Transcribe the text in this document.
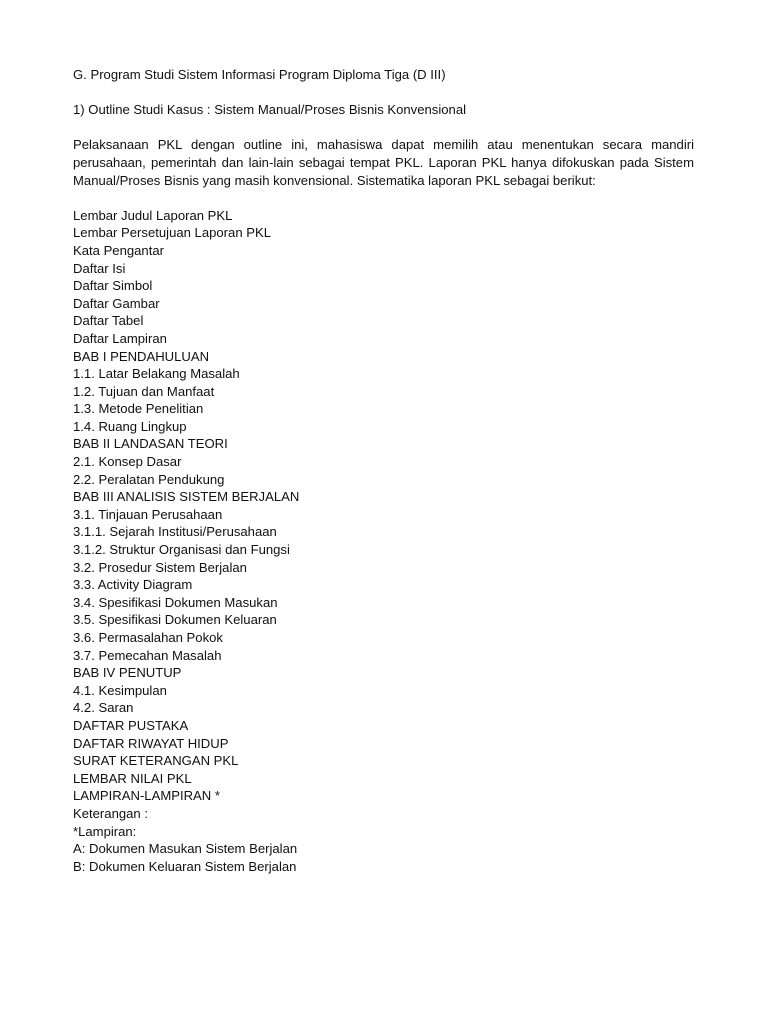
G. Program Studi Sistem Informasi Program Diploma Tiga (D III)
1) Outline Studi Kasus : Sistem Manual/Proses Bisnis Konvensional

Pelaksanaan PKL dengan outline ini, mahasiswa dapat memilih atau menentukan secara mandiri perusahaan, pemerintah dan lain-lain sebagai tempat PKL. Laporan PKL hanya difokuskan pada Sistem Manual/Proses Bisnis yang masih konvensional. Sistematika laporan PKL sebagai berikut:

Lembar Judul Laporan PKL
Lembar Persetujuan Laporan PKL
Kata Pengantar
Daftar Isi
Daftar Simbol
Daftar Gambar
Daftar Tabel
Daftar Lampiran
BAB I PENDAHULUAN
1.1. Latar Belakang Masalah
1.2. Tujuan dan Manfaat
1.3. Metode Penelitian
1.4. Ruang Lingkup
BAB II LANDASAN TEORI
2.1. Konsep Dasar
2.2. Peralatan Pendukung
BAB III ANALISIS SISTEM BERJALAN
3.1. Tinjauan Perusahaan
3.1.1. Sejarah Institusi/Perusahaan
3.1.2. Struktur Organisasi dan Fungsi
3.2. Prosedur Sistem Berjalan
3.3. Activity Diagram
3.4. Spesifikasi Dokumen Masukan
3.5. Spesifikasi Dokumen Keluaran
3.6. Permasalahan Pokok
3.7. Pemecahan Masalah
BAB IV PENUTUP
4.1. Kesimpulan
4.2. Saran
DAFTAR PUSTAKA
DAFTAR RIWAYAT HIDUP
SURAT KETERANGAN PKL
LEMBAR NILAI PKL
LAMPIRAN-LAMPIRAN *
Keterangan :
*Lampiran:
A: Dokumen Masukan Sistem Berjalan
B: Dokumen Keluaran Sistem Berjalan
